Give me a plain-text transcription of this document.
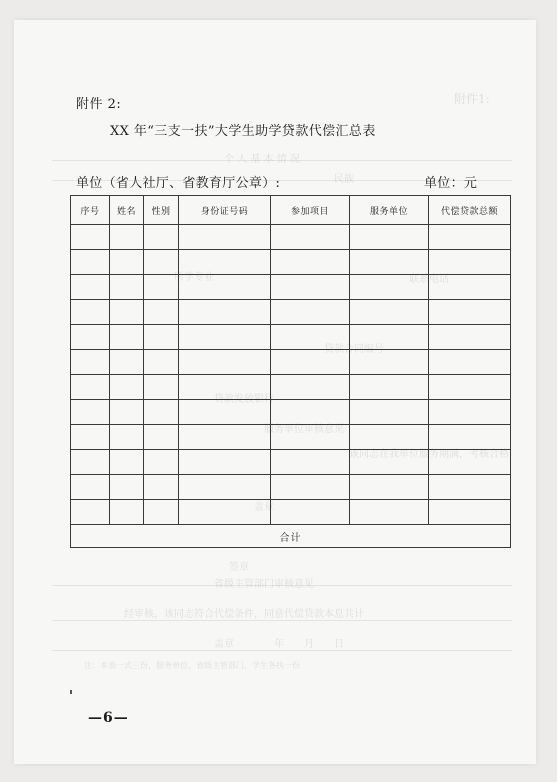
附件1:
个 人 基 本 情 况
民族
所学专业	联系电话
贷款合同编号
贷款发放银行
服务单位审核意见
该同志在我单位服务期满，考核合格
盖章
签章
省级主管部门审核意见
经审核，该同志符合代偿条件，同意代偿贷款本息共计
盖章　　　　年　　月　　日
注：本表一式三份，服务单位、省级主管部门、学生各执一份
附件 2:
XX 年“三支一扶”大学生助学贷款代偿汇总表
单位（省人社厅、省教育厅公章）:	单位：元
序号	姓名	性别	身份证号码	参加项目	服务单位	代偿贷款总额

合计						
—6—
